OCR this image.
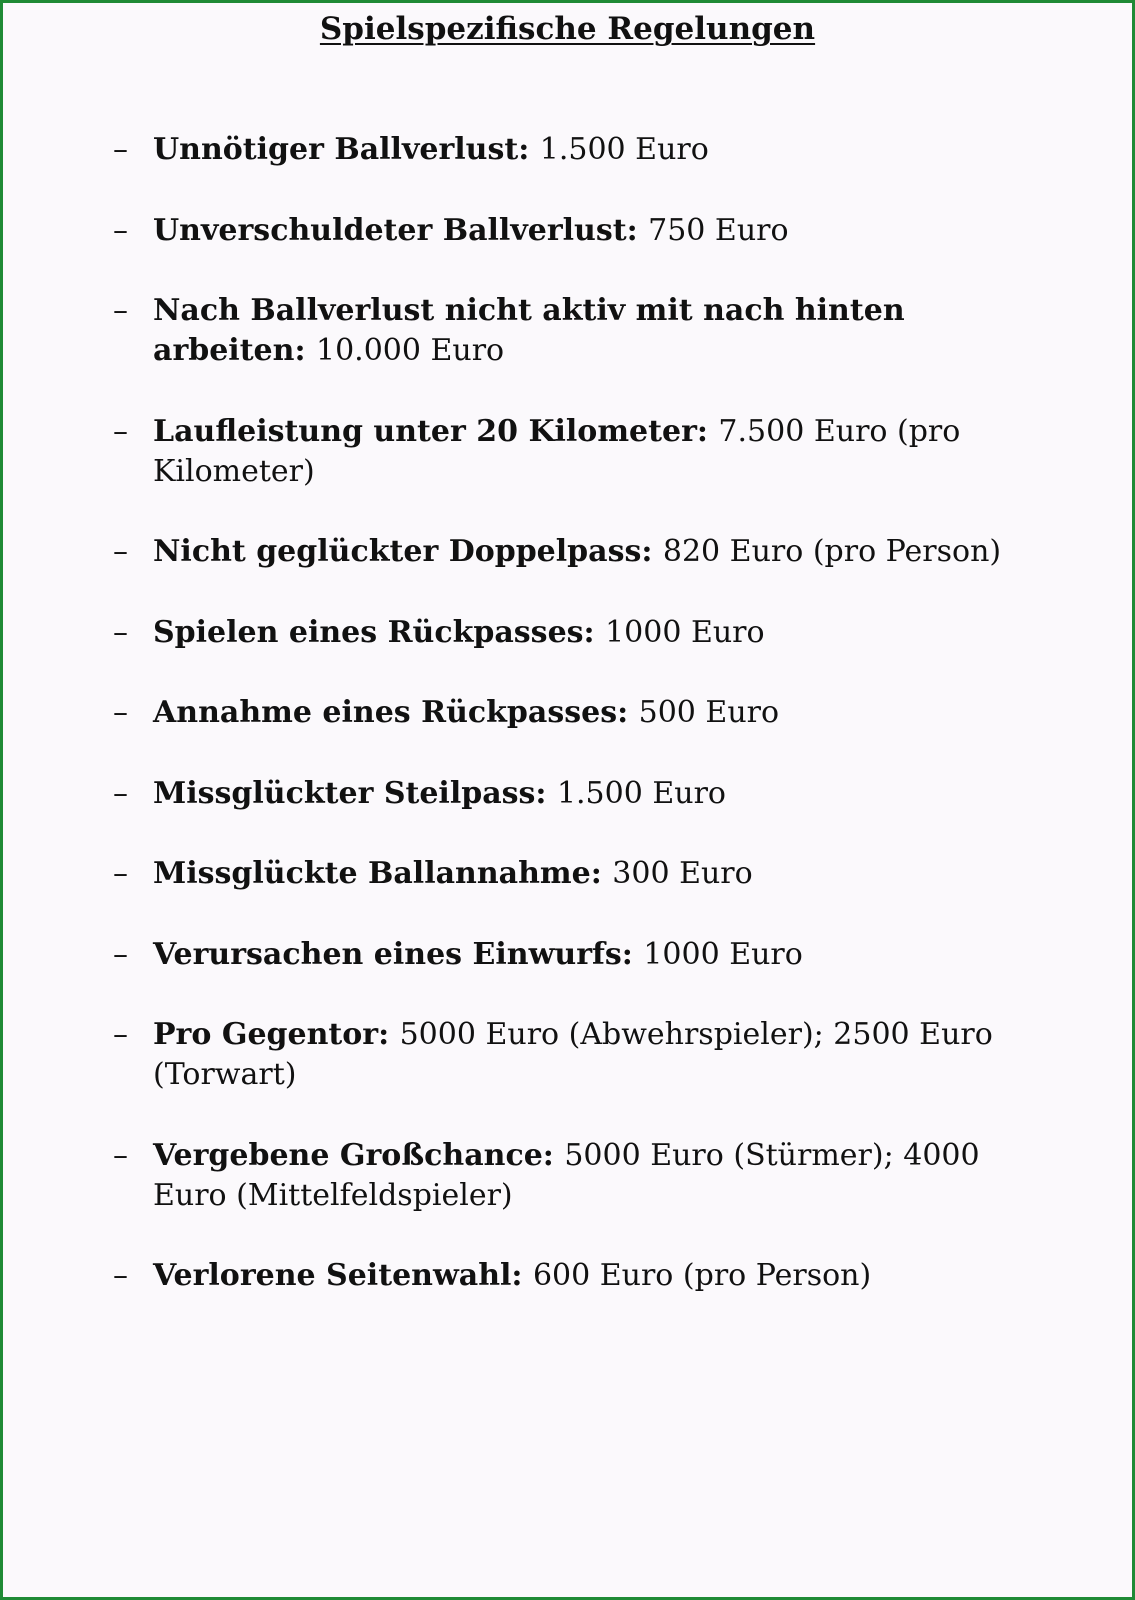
Spielspezifische Regelungen
– Unnötiger Ballverlust: 1.500 Euro
– Unverschuldeter Ballverlust: 750 Euro
– Nach Ballverlust nicht aktiv mit nach hinten arbeiten: 10.000 Euro
– Laufleistung unter 20 Kilometer: 7.500 Euro (pro Kilometer)
– Nicht geglückter Doppelpass: 820 Euro (pro Person)
– Spielen eines Rückpasses: 1000 Euro
– Annahme eines Rückpasses: 500 Euro
– Missglückter Steilpass: 1.500 Euro
– Missglückte Ballannahme: 300 Euro
– Verursachen eines Einwurfs: 1000 Euro
– Pro Gegentor: 5000 Euro (Abwehrspieler); 2500 Euro (Torwart)
– Vergebene Großchance: 5000 Euro (Stürmer); 4000 Euro (Mittelfeldspieler)
– Verlorene Seitenwahl: 600 Euro (pro Person)
